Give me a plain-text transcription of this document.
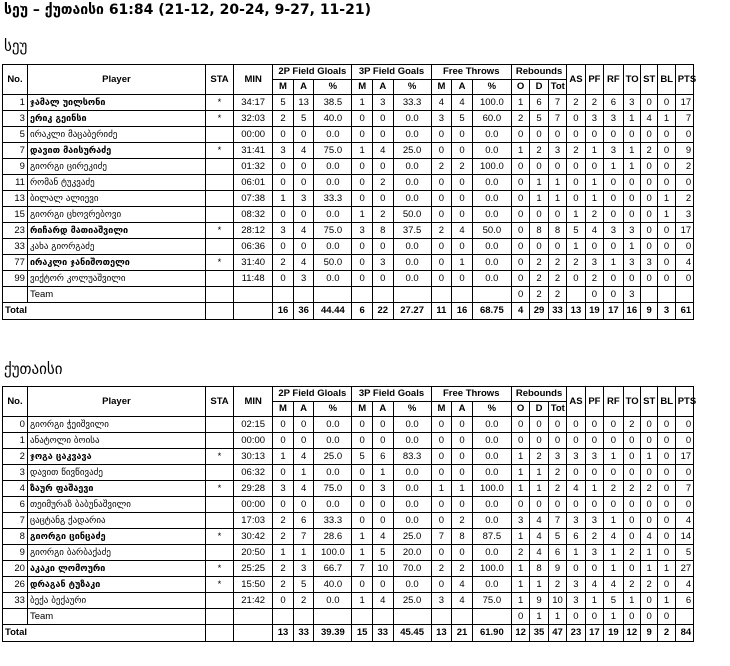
სეუ – ქუთაისი 61:84 (21-12, 20-24, 9-27, 11-21)
სეუ
No.	Player	STA	MIN	2P Field Gloals			3P Field Goals			Free Throws			Rebounds			AS	PF	RF	TO	ST	BL	PTS
				M	A	%	M	A	%	M	A	%	O	D	Tot							
1	ჯამალ უილსონი	*	34:17	5	13	38.5	1	3	33.3	4	4	100.0	1	6	7	2	2	6	3	0	0	17
3	ერიკ გეინსი	*	32:03	2	5	40.0	0	0	0.0	3	5	60.0	2	5	7	0	3	3	1	4	1	7
5	ირაკლი მაცაბერიძე		00:00	0	0	0.0	0	0	0.0	0	0	0.0	0	0	0	0	0	0	0	0	0	0
7	დავით მაისურაძე	*	31:41	3	4	75.0	1	4	25.0	0	0	0.0	1	2	3	2	1	3	1	2	0	9
9	გიორგი ცირეკიძე		01:32	0	0	0.0	0	0	0.0	2	2	100.0	0	0	0	0	0	1	1	0	0	2
11	რომან ტუკვაძე		06:01	0	0	0.0	0	2	0.0	0	0	0.0	0	1	1	0	1	0	0	0	0	0
13	ბილალ ალიევი		07:38	1	3	33.3	0	0	0.0	0	0	0.0	0	1	1	0	1	0	0	0	1	2
15	გიორგი ცხოვრებოვი		08:32	0	0	0.0	1	2	50.0	0	0	0.0	0	0	0	1	2	0	0	0	1	3
23	რიჩარდ მათიაშვილი	*	28:12	3	4	75.0	3	8	37.5	2	4	50.0	0	8	8	5	4	3	3	0	0	17
33	კახა გიორგაძე		06:36	0	0	0.0	0	0	0.0	0	0	0.0	0	0	0	1	0	0	1	0	0	0
77	ირაკლი ჯანიშოთელი	*	31:40	2	4	50.0	0	3	0.0	0	1	0.0	0	2	2	2	3	1	3	3	0	4
99	ვიქტორ კოლუაშვილი		11:48	0	3	0.0	0	0	0.0	0	0	0.0	0	2	2	0	2	0	0	0	0	0
	Team												0	2	2		0	0	3			
Total				16	36	44.44	6	22	27.27	11	16	68.75	4	29	33	13	19	17	16	9	3	61
ქუთაისი
No.	Player	STA	MIN	2P Field Gloals			3P Field Goals			Free Throws			Rebounds			AS	PF	RF	TO	ST	BL	PTS
				M	A	%	M	A	%	M	A	%	O	D	Tot							
0	გიორგი ჭეიშვილი		02:15	0	0	0.0	0	0	0.0	0	0	0.0	0	0	0	0	0	0	2	0	0	0
1	ანატოლი ბოისა		00:00	0	0	0.0	0	0	0.0	0	0	0.0	0	0	0	0	0	0	0	0	0	0
2	ჯოგა ცაკვავა	*	30:13	1	4	25.0	5	6	83.3	0	0	0.0	1	2	3	3	3	1	0	1	0	17
3	დავით წივწივაძე		06:32	0	1	0.0	0	1	0.0	0	0	0.0	1	1	2	0	0	0	0	0	0	0
4	ზაურ ფაშაევი	*	29:28	3	4	75.0	0	3	0.0	1	1	100.0	1	1	2	4	1	2	2	2	0	7
6	თეიმურაზ ბაბუნაშვილი		00:00	0	0	0.0	0	0	0.0	0	0	0.0	0	0	0	0	0	0	0	0	0	0
7	ცაცტანგ ქადარია		17:03	2	6	33.3	0	0	0.0	0	2	0.0	3	4	7	3	3	1	0	0	0	4
8	გიორგი ცინცაძე	*	30:42	2	7	28.6	1	4	25.0	7	8	87.5	1	4	5	6	2	4	0	4	0	14
9	გიორგი ბარბაქაძე		20:50	1	1	100.0	1	5	20.0	0	0	0.0	2	4	6	1	3	1	2	1	0	5
20	აკაკი ლომოური	*	25:25	2	3	66.7	7	10	70.0	2	2	100.0	1	8	9	0	0	1	0	1	1	27
26	დრაგან ტუზაკი	*	15:50	2	5	40.0	0	0	0.0	0	4	0.0	1	1	2	3	4	4	2	2	0	4
33	ბექა ბექაური		21:42	0	2	0.0	1	4	25.0	3	4	75.0	1	9	10	3	1	5	1	0	1	6
	Team												0	1	1	0	0	1	0	0	0	
Total				13	33	39.39	15	33	45.45	13	21	61.90	12	35	47	23	17	19	12	9	2	84
